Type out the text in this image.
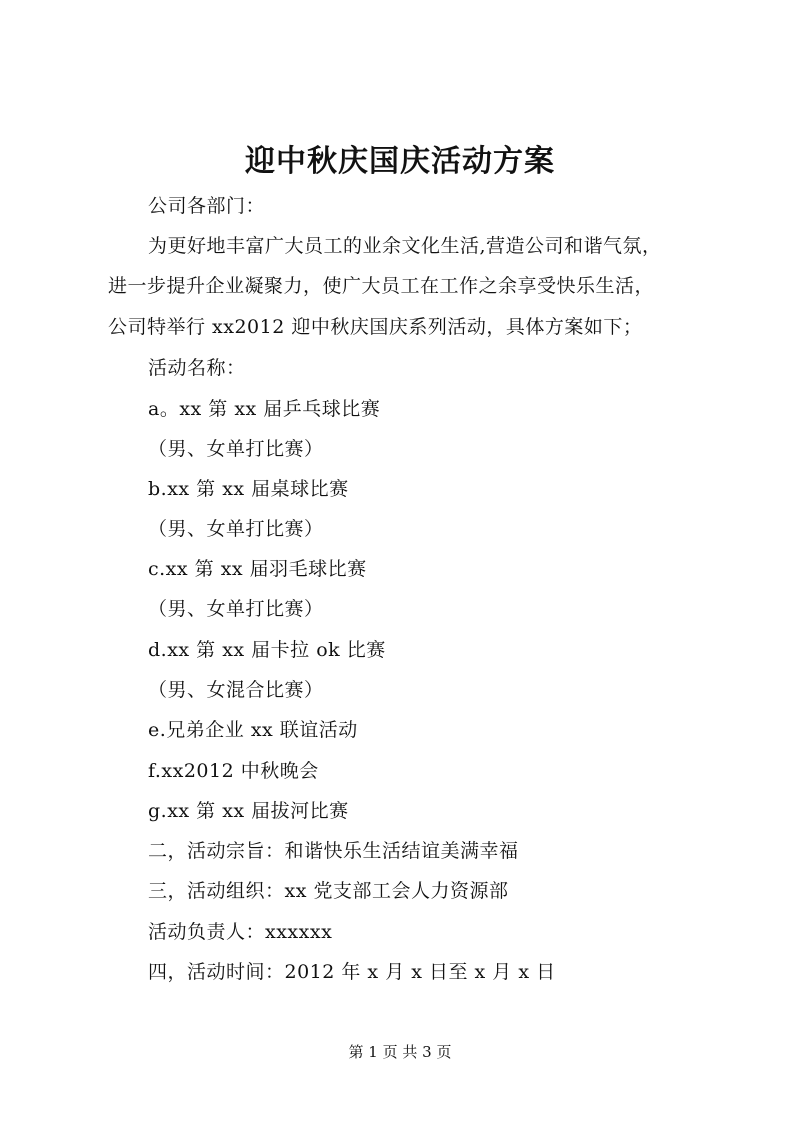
迎中秋庆国庆活动方案
公司各部门：
为更好地丰富广大员工的业余文化生活,营造公司和谐气氛，
进一步提升企业凝聚力，使广大员工在工作之余享受快乐生活，
公司特举行 xx2012 迎中秋庆国庆系列活动，具体方案如下；
活动名称：
a。xx 第 xx 届乒乓球比赛
（男、女单打比赛）
b.xx 第 xx 届桌球比赛
（男、女单打比赛）
c.xx 第 xx 届羽毛球比赛
（男、女单打比赛）
d.xx 第 xx 届卡拉 ok 比赛
（男、女混合比赛）
e.兄弟企业 xx 联谊活动
f.xx2012 中秋晚会
g.xx 第 xx 届拔河比赛
二，活动宗旨：和谐快乐生活结谊美满幸福
三，活动组织：xx 党支部工会人力资源部
活动负责人：xxxxxx
四，活动时间：2012 年 x 月 x 日至 x 月 x 日
第 1 页 共 3 页
